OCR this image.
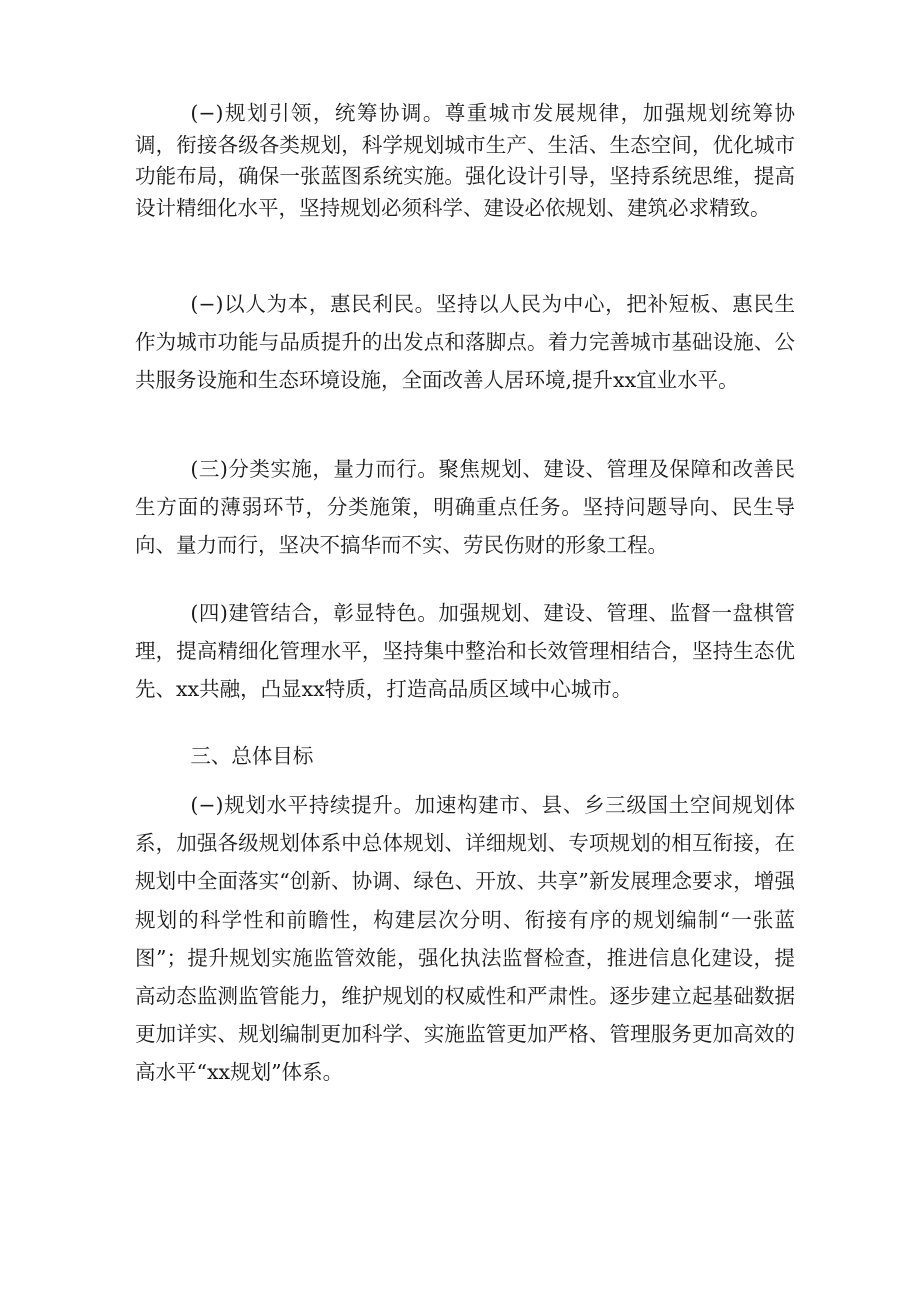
(−)规划引领，统筹协调。尊重城市发展规律，加强规划统筹协调，衔接各级各类规划，科学规划城市生产、生活、生态空间，优化城市功能布局，确保一张蓝图系统实施。强化设计引导，坚持系统思维，提高设计精细化水平，坚持规划必须科学、建设必依规划、建筑必求精致。

(−)以人为本，惠民利民。坚持以人民为中心，把补短板、惠民生作为城市功能与品质提升的出发点和落脚点。着力完善城市基础设施、公共服务设施和生态环境设施，全面改善人居环境,提升xx宜业水平。

(三)分类实施，量力而行。聚焦规划、建设、管理及保障和改善民生方面的薄弱环节，分类施策，明确重点任务。坚持问题导向、民生导向、量力而行，坚决不搞华而不实、劳民伤财的形象工程。

(四)建管结合，彰显特色。加强规划、建设、管理、监督一盘棋管理，提高精细化管理水平，坚持集中整治和长效管理相结合，坚持生态优先、xx共融，凸显xx特质，打造高品质区域中心城市。

三、总体目标

(−)规划水平持续提升。加速构建市、县、乡三级国土空间规划体系，加强各级规划体系中总体规划、详细规划、专项规划的相互衔接，在规划中全面落实“创新、协调、绿色、开放、共享”新发展理念要求，增强规划的科学性和前瞻性，构建层次分明、衔接有序的规划编制“一张蓝图”；提升规划实施监管效能，强化执法监督检查，推进信息化建设，提高动态监测监管能力，维护规划的权威性和严肃性。逐步建立起基础数据更加详实、规划编制更加科学、实施监管更加严格、管理服务更加高效的高水平“xx规划”体系。
